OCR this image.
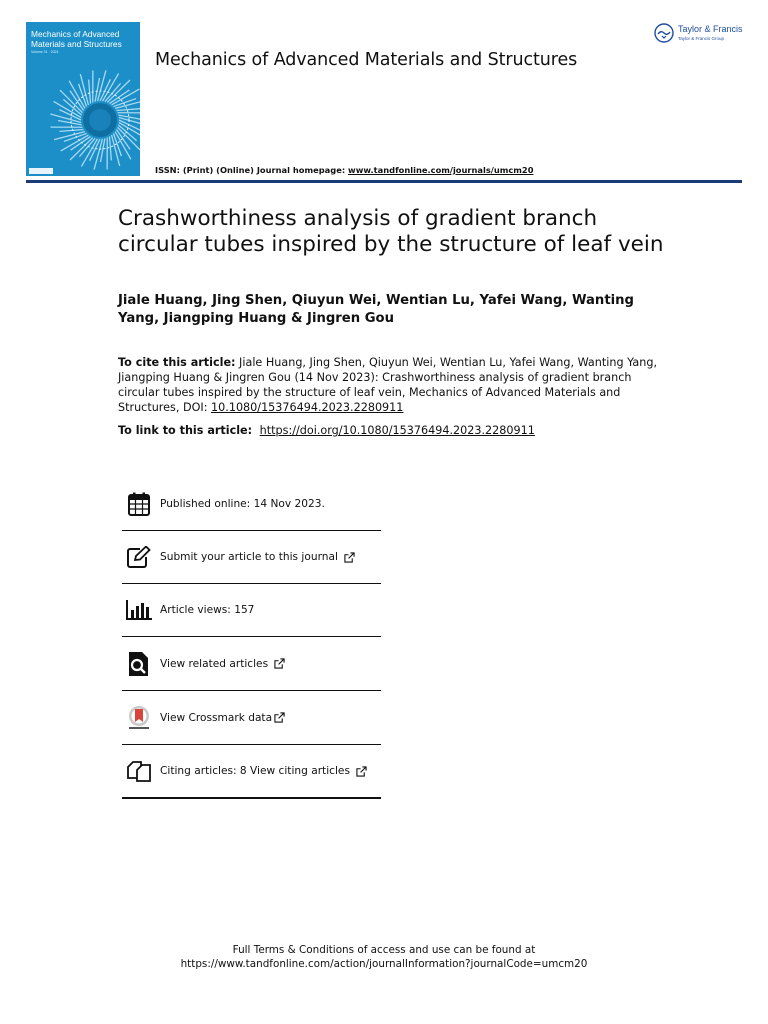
Mechanics of Advanced Materials and Structures
Volume 31 · 2024	Mechanics of Advanced Materials and Structures
ISSN: (Print) (Online) Journal homepage: www.tandfonline.com/journals/umcm20
Taylor & Francis
Taylor & Francis Group
Crashworthiness analysis of gradient branch circular tubes inspired by the structure of leaf vein
Jiale Huang, Jing Shen, Qiuyun Wei, Wentian Lu, Yafei Wang, Wanting Yang, Jiangping Huang & Jingren Gou
To cite this article: Jiale Huang, Jing Shen, Qiuyun Wei, Wentian Lu, Yafei Wang, Wanting Yang, Jiangping Huang & Jingren Gou (14 Nov 2023): Crashworthiness analysis of gradient branch circular tubes inspired by the structure of leaf vein, Mechanics of Advanced Materials and Structures, DOI: 10.1080/15376494.2023.2280911
To link to this article: https://doi.org/10.1080/15376494.2023.2280911
Published online: 14 Nov 2023.
Submit your article to this journal
Article views: 157
View related articles
View Crossmark data
Citing articles: 8 View citing articles
Full Terms & Conditions of access and use can be found at
https://www.tandfonline.com/action/journalInformation?journalCode=umcm20
